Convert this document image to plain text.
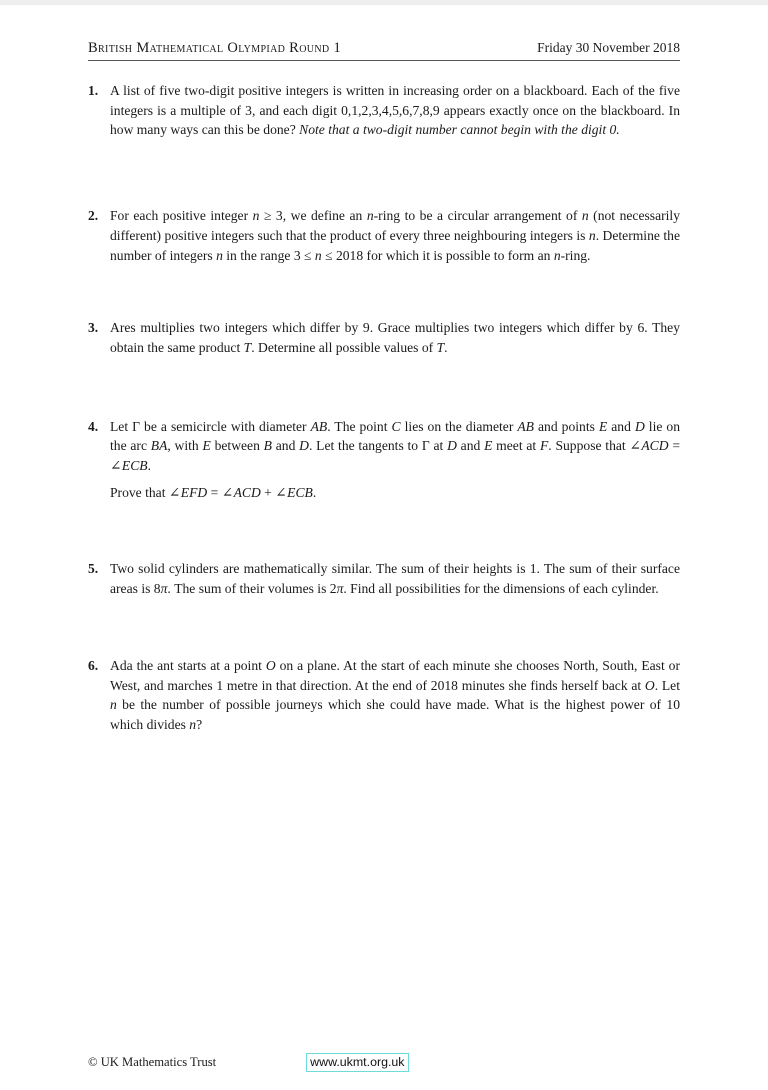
British Mathematical Olympiad Round 1	Friday 30 November 2018
1. A list of five two-digit positive integers is written in increasing order on a blackboard. Each of the five integers is a multiple of 3, and each digit 0,1,2,3,4,5,6,7,8,9 appears exactly once on the blackboard. In how many ways can this be done? Note that a two-digit number cannot begin with the digit 0.

2. For each positive integer n ≥ 3, we define an n-ring to be a circular arrangement of n (not necessarily different) positive integers such that the product of every three neighbouring integers is n. Determine the number of integers n in the range 3 ≤ n ≤ 2018 for which it is possible to form an n-ring.

3. Ares multiplies two integers which differ by 9. Grace multiplies two integers which differ by 6. They obtain the same product T. Determine all possible values of T.

4. Let Γ be a semicircle with diameter AB. The point C lies on the diameter AB and points E and D lie on the arc BA, with E between B and D. Let the tangents to Γ at D and E meet at F. Suppose that ∠ACD = ∠ECB.

Prove that ∠EFD = ∠ACD + ∠ECB.

5. Two solid cylinders are mathematically similar. The sum of their heights is 1. The sum of their surface areas is 8π. The sum of their volumes is 2π. Find all possibilities for the dimensions of each cylinder.

6. Ada the ant starts at a point O on a plane. At the start of each minute she chooses North, South, East or West, and marches 1 metre in that direction. At the end of 2018 minutes she finds herself back at O. Let n be the number of possible journeys which she could have made. What is the highest power of 10 which divides n?

© UK Mathematics Trust	www.ukmt.org.uk
